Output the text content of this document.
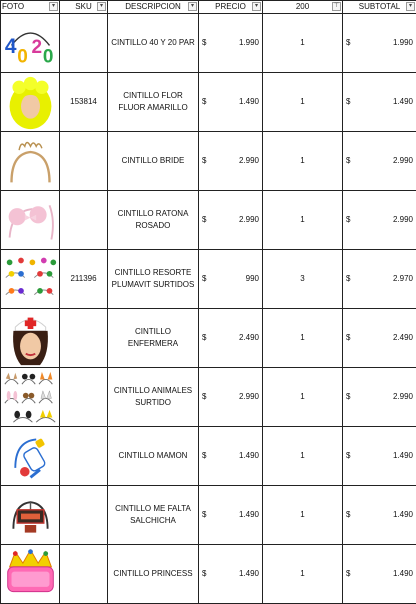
FOTO ▾	SKU ▾	DESCRIPCION ▾	PRECIO ▾	200 ⊤	SUBTOTAL ▾

4 0 2 0		CINTILLO 40 Y 20 PAR	$ 1.990	1	$ 1.990

	153814	CINTILLO FLOR FLUOR AMARILLO	$ 1.490	1	$ 1.490

		CINTILLO BRIDE	$ 2.990	1	$ 2.990

		CINTILLO RATONA ROSADO	$ 2.990	1	$ 2.990

	211396	CINTILLO RESORTE PLUMAVIT SURTIDOS	$ 990	3	$ 2.970

		CINTILLO ENFERMERA	$ 2.490	1	$ 2.490

		CINTILLO ANIMALES SURTIDO	$ 2.990	1	$ 2.990

		CINTILLO MAMON	$ 1.490	1	$ 1.490

		CINTILLO ME FALTA SALCHICHA	$ 1.490	1	$ 1.490

		CINTILLO PRINCESS	$ 1.490	1	$ 1.490
